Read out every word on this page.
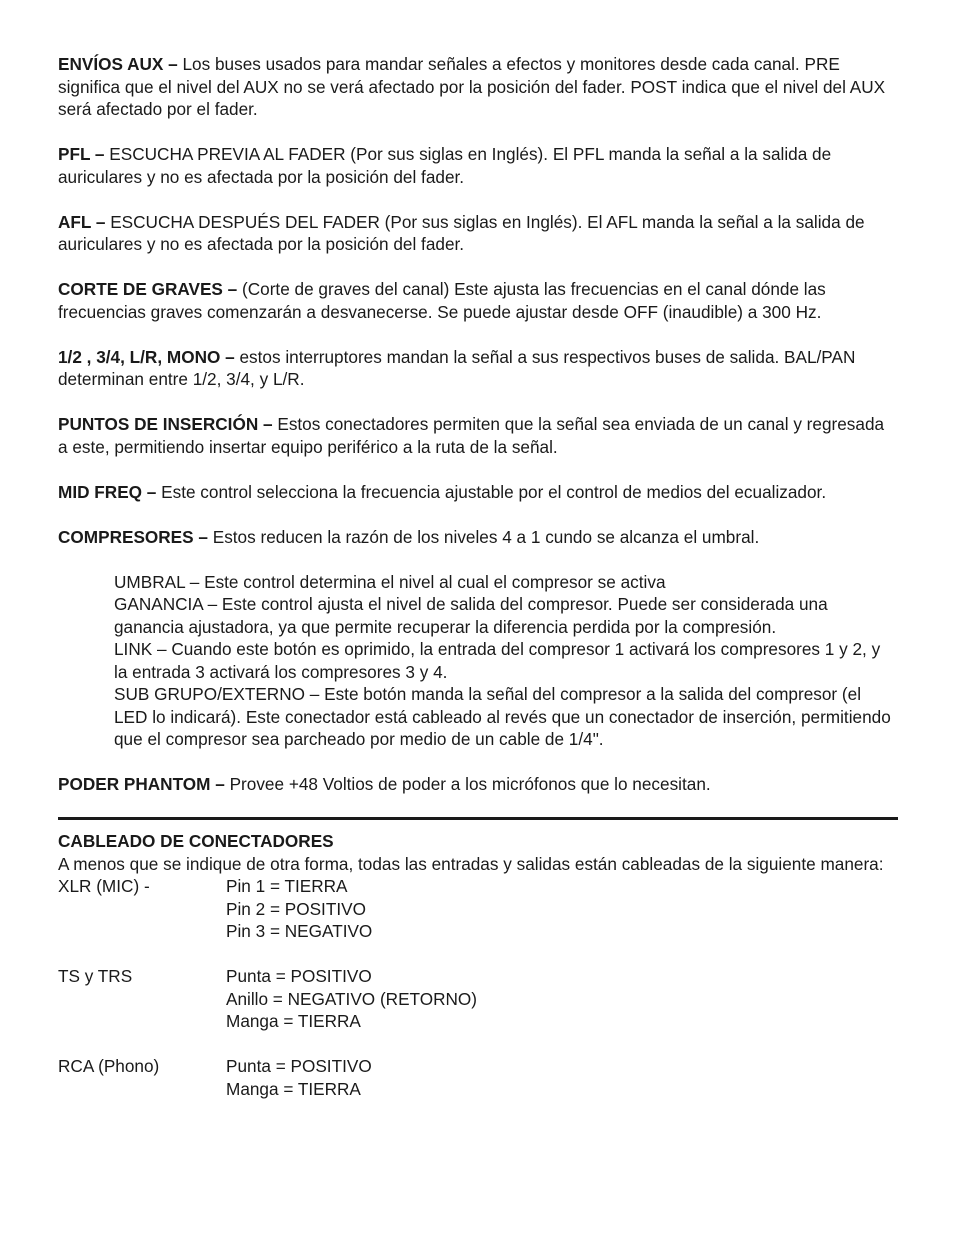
ENVÍOS AUX – Los buses usados para mandar señales a efectos y monitores desde cada canal. PRE significa que el nivel del AUX no se verá afectado por la posición del fader. POST indica que el nivel del AUX será afectado por el fader.

PFL – ESCUCHA PREVIA AL FADER (Por sus siglas en Inglés). El PFL manda la señal a la salida de auriculares y no es afectada por la posición del fader.

AFL – ESCUCHA DESPUÉS DEL FADER (Por sus siglas en Inglés). El AFL manda la señal a la salida de auriculares y no es afectada por la posición del fader.

CORTE DE GRAVES – (Corte de graves del canal) Este ajusta las frecuencias en el canal dónde las frecuencias graves comenzarán a desvanecerse. Se puede ajustar desde OFF (inaudible) a 300 Hz.

1/2 , 3/4, L/R, MONO – estos interruptores mandan la señal a sus respectivos buses de salida. BAL/PAN determinan entre 1/2, 3/4, y L/R.

PUNTOS DE INSERCIÓN – Estos conectadores permiten que la señal sea enviada de un canal y regresada a este, permitiendo insertar equipo periférico a la ruta de la señal.

MID FREQ – Este control selecciona la frecuencia ajustable por el control de medios del ecualizador.

COMPRESORES – Estos reducen la razón de los niveles 4 a 1 cundo se alcanza el umbral.

UMBRAL – Este control determina el nivel al cual el compresor se activa

GANANCIA – Este control ajusta el nivel de salida del compresor. Puede ser considerada una ganancia ajustadora, ya que permite recuperar la diferencia perdida por la compresión.

LINK – Cuando este botón es oprimido, la entrada del compresor 1 activará los compresores 1 y 2, y la entrada 3 activará los compresores 3 y 4.

SUB GRUPO/EXTERNO – Este botón manda la señal del compresor a la salida del compresor (el LED lo indicará). Este conectador está cableado al revés que un conectador de inserción, permitiendo que el compresor sea parcheado por medio de un cable de 1/4".

PODER PHANTOM – Provee +48 Voltios de poder a los micrófonos que lo necesitan.

CABLEADO DE CONECTADORES

A menos que se indique de otra forma, todas las entradas y salidas están cableadas de la siguiente manera:

XLR (MIC) -	Pin 1 = TIERRA

Pin 2 = POSITIVO

Pin 3 = NEGATIVO

TS y TRS	Punta = POSITIVO

Anillo = NEGATIVO (RETORNO)

Manga = TIERRA

RCA (Phono)	Punta = POSITIVO

Manga = TIERRA
